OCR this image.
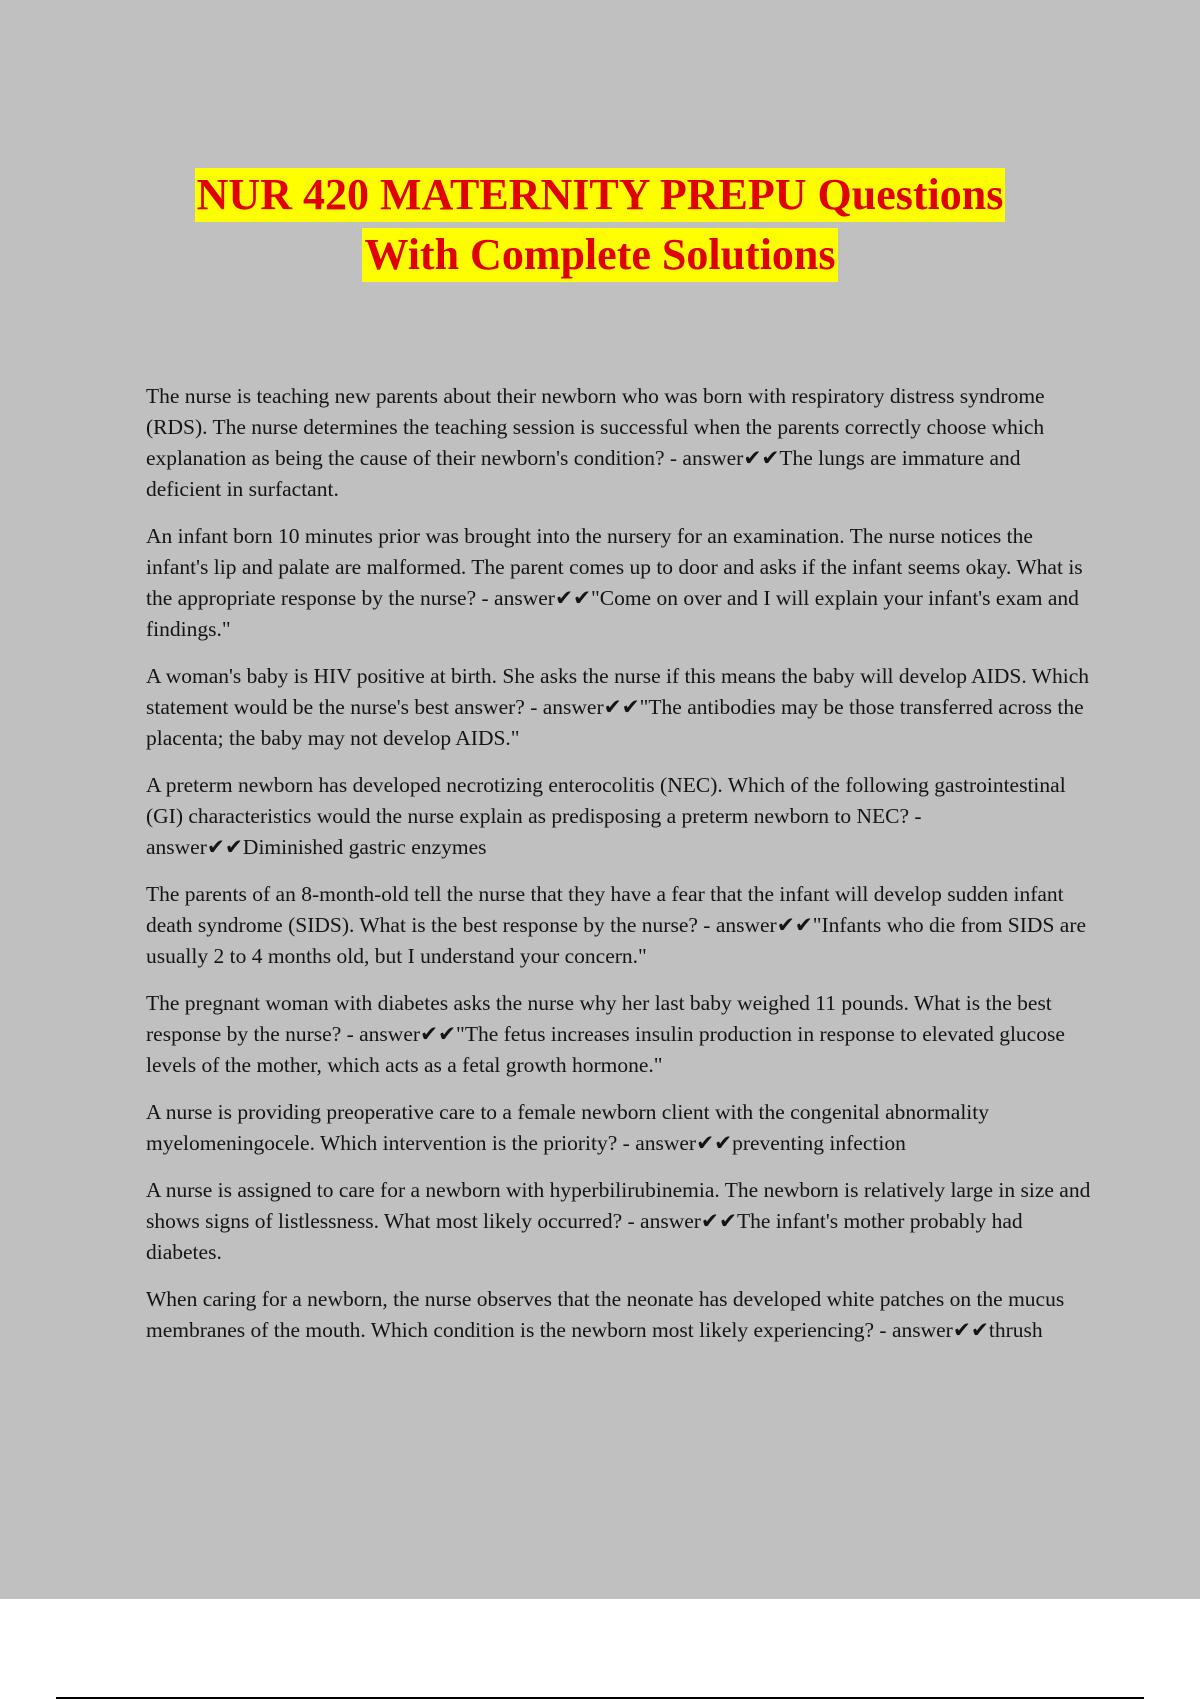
NUR 420 MATERNITY PREPU Questions
With Complete Solutions

The nurse is teaching new parents about their newborn who was born with respiratory distress syndrome (RDS). The nurse determines the teaching session is successful when the parents correctly choose which explanation as being the cause of their newborn's condition? - answer✔✔The lungs are immature and deficient in surfactant.

An infant born 10 minutes prior was brought into the nursery for an examination. The nurse notices the infant's lip and palate are malformed. The parent comes up to door and asks if the infant seems okay. What is the appropriate response by the nurse? - answer✔✔"Come on over and I will explain your infant's exam and findings."

A woman's baby is HIV positive at birth. She asks the nurse if this means the baby will develop AIDS. Which statement would be the nurse's best answer? - answer✔✔"The antibodies may be those transferred across the placenta; the baby may not develop AIDS."

A preterm newborn has developed necrotizing enterocolitis (NEC). Which of the following gastrointestinal (GI) characteristics would the nurse explain as predisposing a preterm newborn to NEC? - answer✔✔Diminished gastric enzymes

The parents of an 8-month-old tell the nurse that they have a fear that the infant will develop sudden infant death syndrome (SIDS). What is the best response by the nurse? - answer✔✔"Infants who die from SIDS are usually 2 to 4 months old, but I understand your concern."

The pregnant woman with diabetes asks the nurse why her last baby weighed 11 pounds. What is the best response by the nurse? - answer✔✔"The fetus increases insulin production in response to elevated glucose levels of the mother, which acts as a fetal growth hormone."

A nurse is providing preoperative care to a female newborn client with the congenital abnormality myelomeningocele. Which intervention is the priority? - answer✔✔preventing infection

A nurse is assigned to care for a newborn with hyperbilirubinemia. The newborn is relatively large in size and shows signs of listlessness. What most likely occurred? - answer✔✔The infant's mother probably had diabetes.

When caring for a newborn, the nurse observes that the neonate has developed white patches on the mucus membranes of the mouth. Which condition is the newborn most likely experiencing? - answer✔✔thrush
